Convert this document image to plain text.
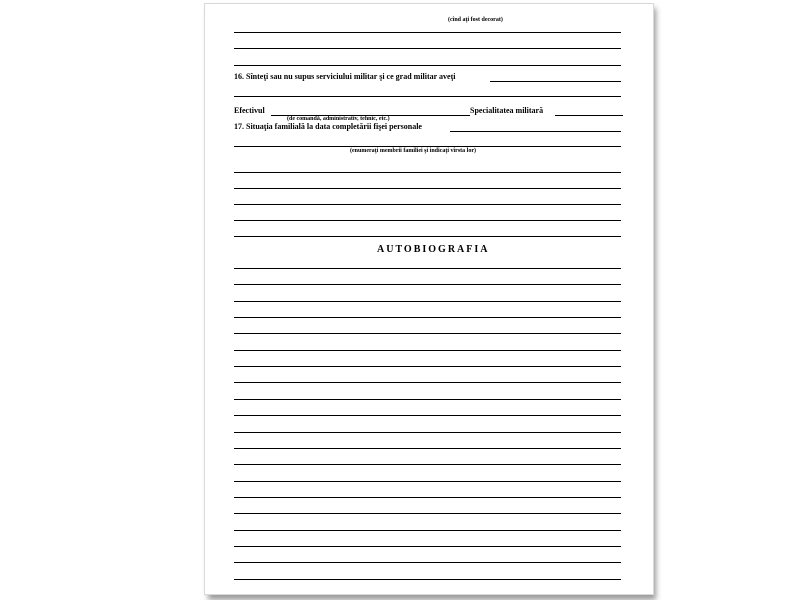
(cînd aţi fost decorat)
16. Sînteţi sau nu supus serviciului militar şi ce grad militar aveţi
Efectivul	Specialitatea militară
(de comandă, administrativ, tehnic, etc.)
17. Situaţia familială la data completării fişei personale
(enumeraţi membrii familiei şi indicaţi vîrsta lor)
AUTOBIOGRAFIA
